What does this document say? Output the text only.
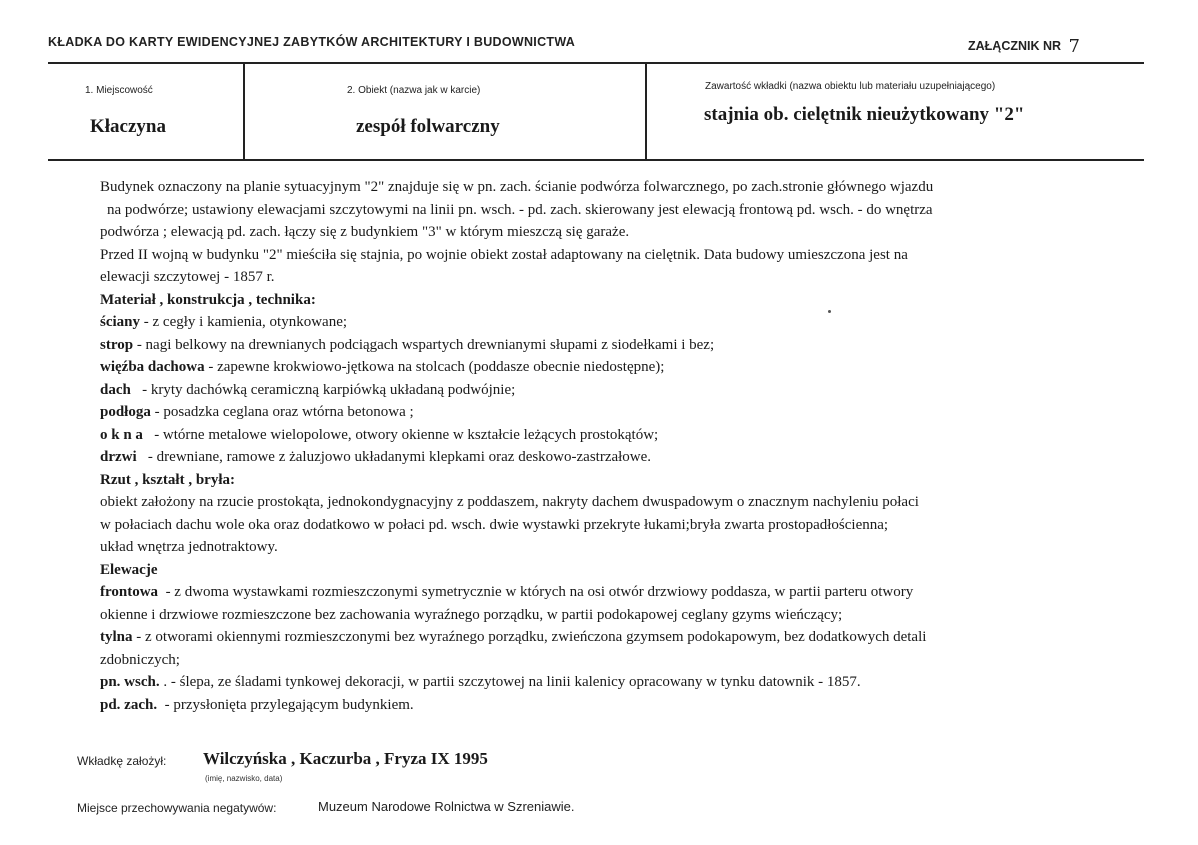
KŁADKA DO KARTY EWIDENCYJNEJ ZABYTKÓW ARCHITEKTURY I BUDOWNICTWA	ZAŁĄCZNIK NR 7
1. Miejscowość
Kłaczyna
2. Obiekt (nazwa jak w karcie)
zespół folwarczny
Zawartość wkładki (nazwa obiektu lub materiału uzupełniającego)
stajnia ob. cielętnik nieużytkowany "2"

Budynek oznaczony na planie sytuacyjnym "2" znajduje się w pn. zach. ścianie podwórza folwarcznego, po zach.stronie głównego wjazdu

na podwórze; ustawiony elewacjami szczytowymi na linii pn. wsch. - pd. zach. skierowany jest elewacją frontową pd. wsch. - do wnętrza

podwórza ; elewacją pd. zach. łączy się z budynkiem "3" w którym mieszczą się garaże.

Przed II wojną w budynku "2" mieściła się stajnia, po wojnie obiekt został adaptowany na cielętnik. Data budowy umieszczona jest na

elewacji szczytowej - 1857 r.

Materiał , konstrukcja , technika:

ściany - z cegły i kamienia, otynkowane;

strop - nagi belkowy na drewnianych podciągach wspartych drewnianymi słupami z siodełkami i bez;

więźba dachowa - zapewne krokwiowo-jętkowa na stolcach (poddasze obecnie niedostępne);

dach   - kryty dachówką ceramiczną karpiówką układaną podwójnie;

podłoga - posadzka ceglana oraz wtórna betonowa ;

o k n a   - wtórne metalowe wielopolowe, otwory okienne w kształcie leżących prostokątów;

drzwi   - drewniane, ramowe z żaluzjowo układanymi klepkami oraz deskowo-zastrzałowe.

Rzut , kształt , bryła:

obiekt założony na rzucie prostokąta, jednokondygnacyjny z poddaszem, nakryty dachem dwuspadowym o znacznym nachyleniu połaci

w połaciach dachu wole oka oraz dodatkowo w połaci pd. wsch. dwie wystawki przekryte łukami;bryła zwarta prostopadłościenna;

układ wnętrza jednotraktowy.

Elewacje

frontowa  - z dwoma wystawkami rozmieszczonymi symetrycznie w których na osi otwór drzwiowy poddasza, w partii parteru otwory

okienne i drzwiowe rozmieszczone bez zachowania wyraźnego porządku, w partii podokapowej ceglany gzyms wieńczący;

tylna - z otworami okiennymi rozmieszczonymi bez wyraźnego porządku, zwieńczona gzymsem podokapowym, bez dodatkowych detali

zdobniczych;

pn. wsch. . - ślepa, ze śladami tynkowej dekoracji, w partii szczytowej na linii kalenicy opracowany w tynku datownik - 1857.

pd. zach.  - przysłonięta przylegającym budynkiem.

Wkładkę założył: Wilczyńska , Kaczurba , Fryza IX 1995
(imię, nazwisko, data)
Miejsce przechowywania negatywów:	Muzeum Narodowe Rolnictwa w Szreniawie.
